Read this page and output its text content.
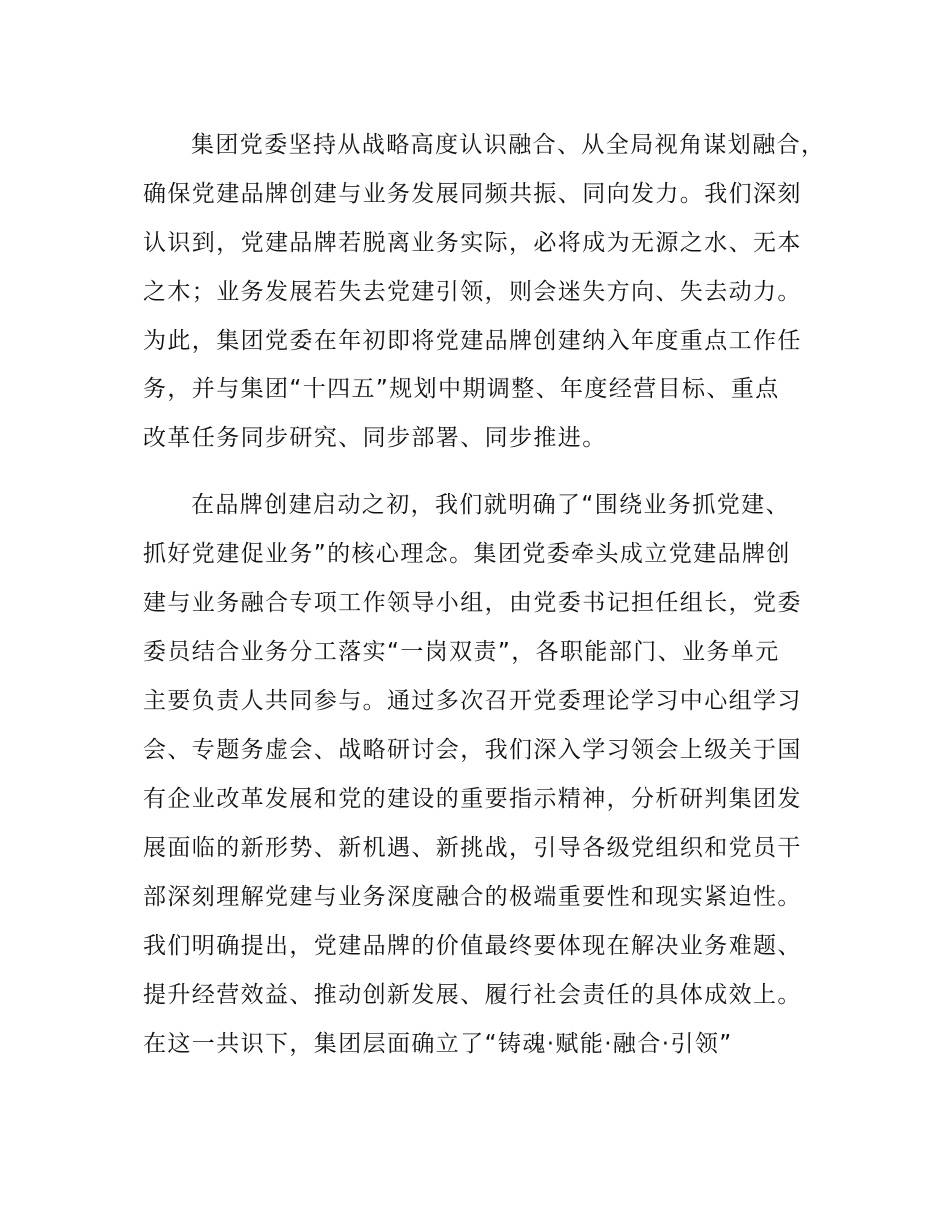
集团党委坚持从战略高度认识融合、从全局视角谋划融合，
确保党建品牌创建与业务发展同频共振、同向发力。我们深刻
认识到，党建品牌若脱离业务实际，必将成为无源之水、无本
之木；业务发展若失去党建引领，则会迷失方向、失去动力。
为此，集团党委在年初即将党建品牌创建纳入年度重点工作任
务，并与集团“十四五”规划中期调整、年度经营目标、重点
改革任务同步研究、同步部署、同步推进。
在品牌创建启动之初，我们就明确了“围绕业务抓党建、
抓好党建促业务”的核心理念。集团党委牵头成立党建品牌创
建与业务融合专项工作领导小组，由党委书记担任组长，党委
委员结合业务分工落实“一岗双责”，各职能部门、业务单元
主要负责人共同参与。通过多次召开党委理论学习中心组学习
会、专题务虚会、战略研讨会，我们深入学习领会上级关于国
有企业改革发展和党的建设的重要指示精神，分析研判集团发
展面临的新形势、新机遇、新挑战，引导各级党组织和党员干
部深刻理解党建与业务深度融合的极端重要性和现实紧迫性。
我们明确提出，党建品牌的价值最终要体现在解决业务难题、
提升经营效益、推动创新发展、履行社会责任的具体成效上。
在这一共识下，集团层面确立了“铸魂·赋能·融合·引领”
